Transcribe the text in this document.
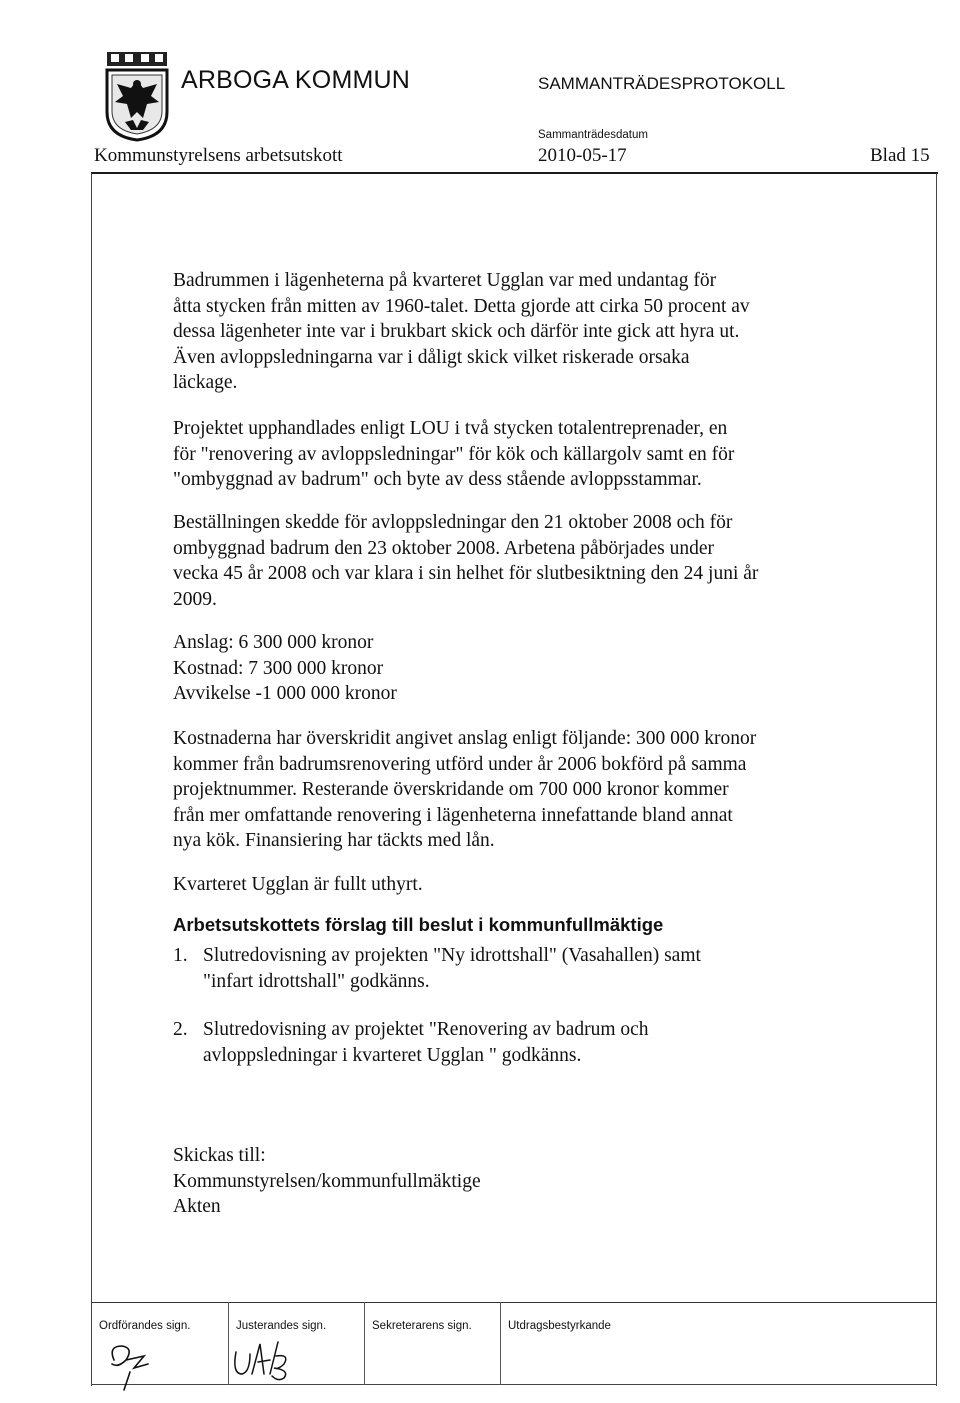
ARBOGA KOMMUN	SAMMANTRÄDESPROTOKOLL
Sammanträdesdatum
Kommunstyrelsens arbetsutskott	2010-05-17	Blad 15
Badrummen i lägenheterna på kvarteret Ugglan var med undantag för
åtta stycken från mitten av 1960-talet. Detta gjorde att cirka 50 procent av
dessa lägenheter inte var i brukbart skick och därför inte gick att hyra ut.
Även avloppsledningarna var i dåligt skick vilket riskerade orsaka
läckage.
Projektet upphandlades enligt LOU i två stycken totalentreprenader, en
för "renovering av avloppsledningar" för kök och källargolv samt en för
"ombyggnad av badrum" och byte av dess stående avloppsstammar.
Beställningen skedde för avloppsledningar den 21 oktober 2008 och för
ombyggnad badrum den 23 oktober 2008. Arbetena påbörjades under
vecka 45 år 2008 och var klara i sin helhet för slutbesiktning den 24 juni år
2009.
Anslag: 6 300 000 kronor
Kostnad: 7 300 000 kronor
Avvikelse -1 000 000 kronor
Kostnaderna har överskridit angivet anslag enligt följande: 300 000 kronor
kommer från badrumsrenovering utförd under år 2006 bokförd på samma
projektnummer. Resterande överskridande om 700 000 kronor kommer
från mer omfattande renovering i lägenheterna innefattande bland annat
nya kök. Finansiering har täckts med lån.
Kvarteret Ugglan är fullt uthyrt.
Arbetsutskottets förslag till beslut i kommunfullmäktige
1. Slutredovisning av projekten "Ny idrottshall" (Vasahallen) samt
"infart idrottshall" godkänns.
2. Slutredovisning av projektet "Renovering av badrum och
avloppsledningar i kvarteret Ugglan " godkänns.
Skickas till:
Kommunstyrelsen/kommunfullmäktige
Akten
Ordförandes sign.	Justerandes sign.	Sekreterarens sign.	Utdragsbestyrkande
